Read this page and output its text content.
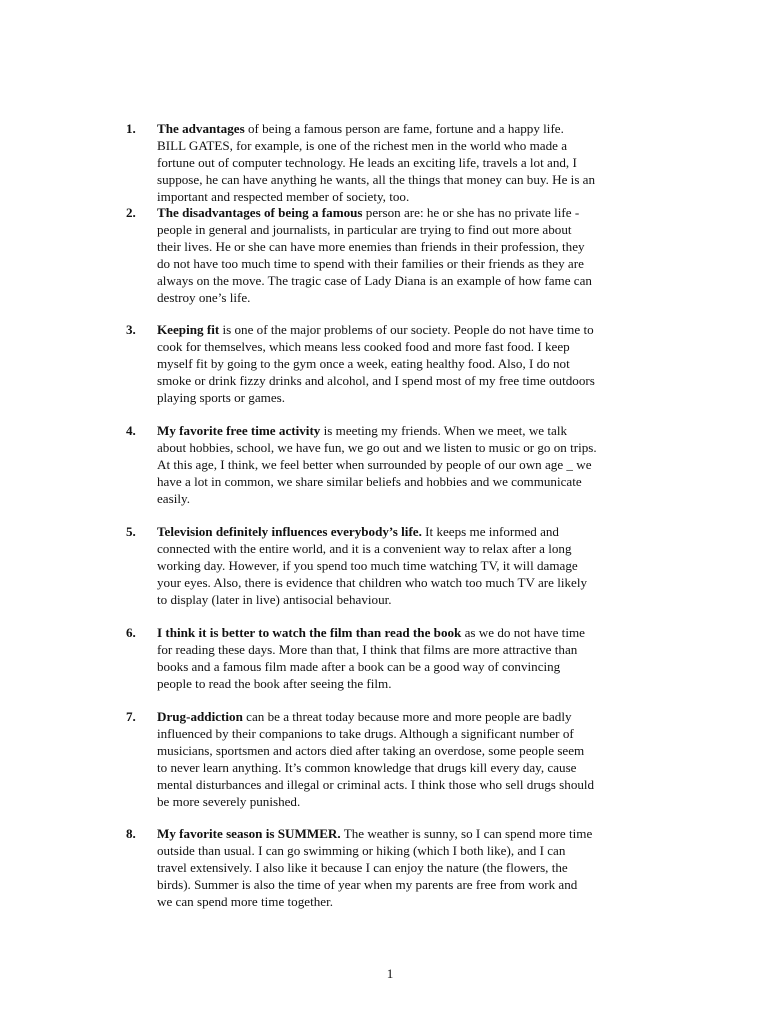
1. The advantages of being a famous person are fame, fortune and a happy life.
BILL GATES, for example, is one of the richest men in the world who made a
fortune out of computer technology. He leads an exciting life, travels a lot and, I
suppose, he can have anything he wants, all the things that money can buy. He is an
important and respected member of society, too.
2. The disadvantages of being a famous person are: he or she has no private life -
people in general and journalists, in particular are trying to find out more about
their lives. He or she can have more enemies than friends in their profession, they
do not have too much time to spend with their families or their friends as they are
always on the move. The tragic case of Lady Diana is an example of how fame can
destroy one’s life.
3. Keeping fit is one of the major problems of our society. People do not have time to
cook for themselves, which means less cooked food and more fast food. I keep
myself fit by going to the gym once a week, eating healthy food. Also, I do not
smoke or drink fizzy drinks and alcohol, and I spend most of my free time outdoors
playing sports or games.
4. My favorite free time activity is meeting my friends. When we meet, we talk
about hobbies, school, we have fun, we go out and we listen to music or go on trips.
At this age, I think, we feel better when surrounded by people of our own age _ we
have a lot in common, we share similar beliefs and hobbies and we communicate
easily.
5. Television definitely influences everybody’s life. It keeps me informed and
connected with the entire world, and it is a convenient way to relax after a long
working day. However, if you spend too much time watching TV, it will damage
your eyes. Also, there is evidence that children who watch too much TV are likely
to display (later in live) antisocial behaviour.
6. I think it is better to watch the film than read the book as we do not have time
for reading these days. More than that, I think that films are more attractive than
books and a famous film made after a book can be a good way of convincing
people to read the book after seeing the film.
7. Drug-addiction can be a threat today because more and more people are badly
influenced by their companions to take drugs. Although a significant number of
musicians, sportsmen and actors died after taking an overdose, some people seem
to never learn anything. It’s common knowledge that drugs kill every day, cause
mental disturbances and illegal or criminal acts. I think those who sell drugs should
be more severely punished.
8. My favorite season is SUMMER. The weather is sunny, so I can spend more time
outside than usual. I can go swimming or hiking (which I both like), and I can
travel extensively. I also like it because I can enjoy the nature (the flowers, the
birds). Summer is also the time of year when my parents are free from work and
we can spend more time together.
1
